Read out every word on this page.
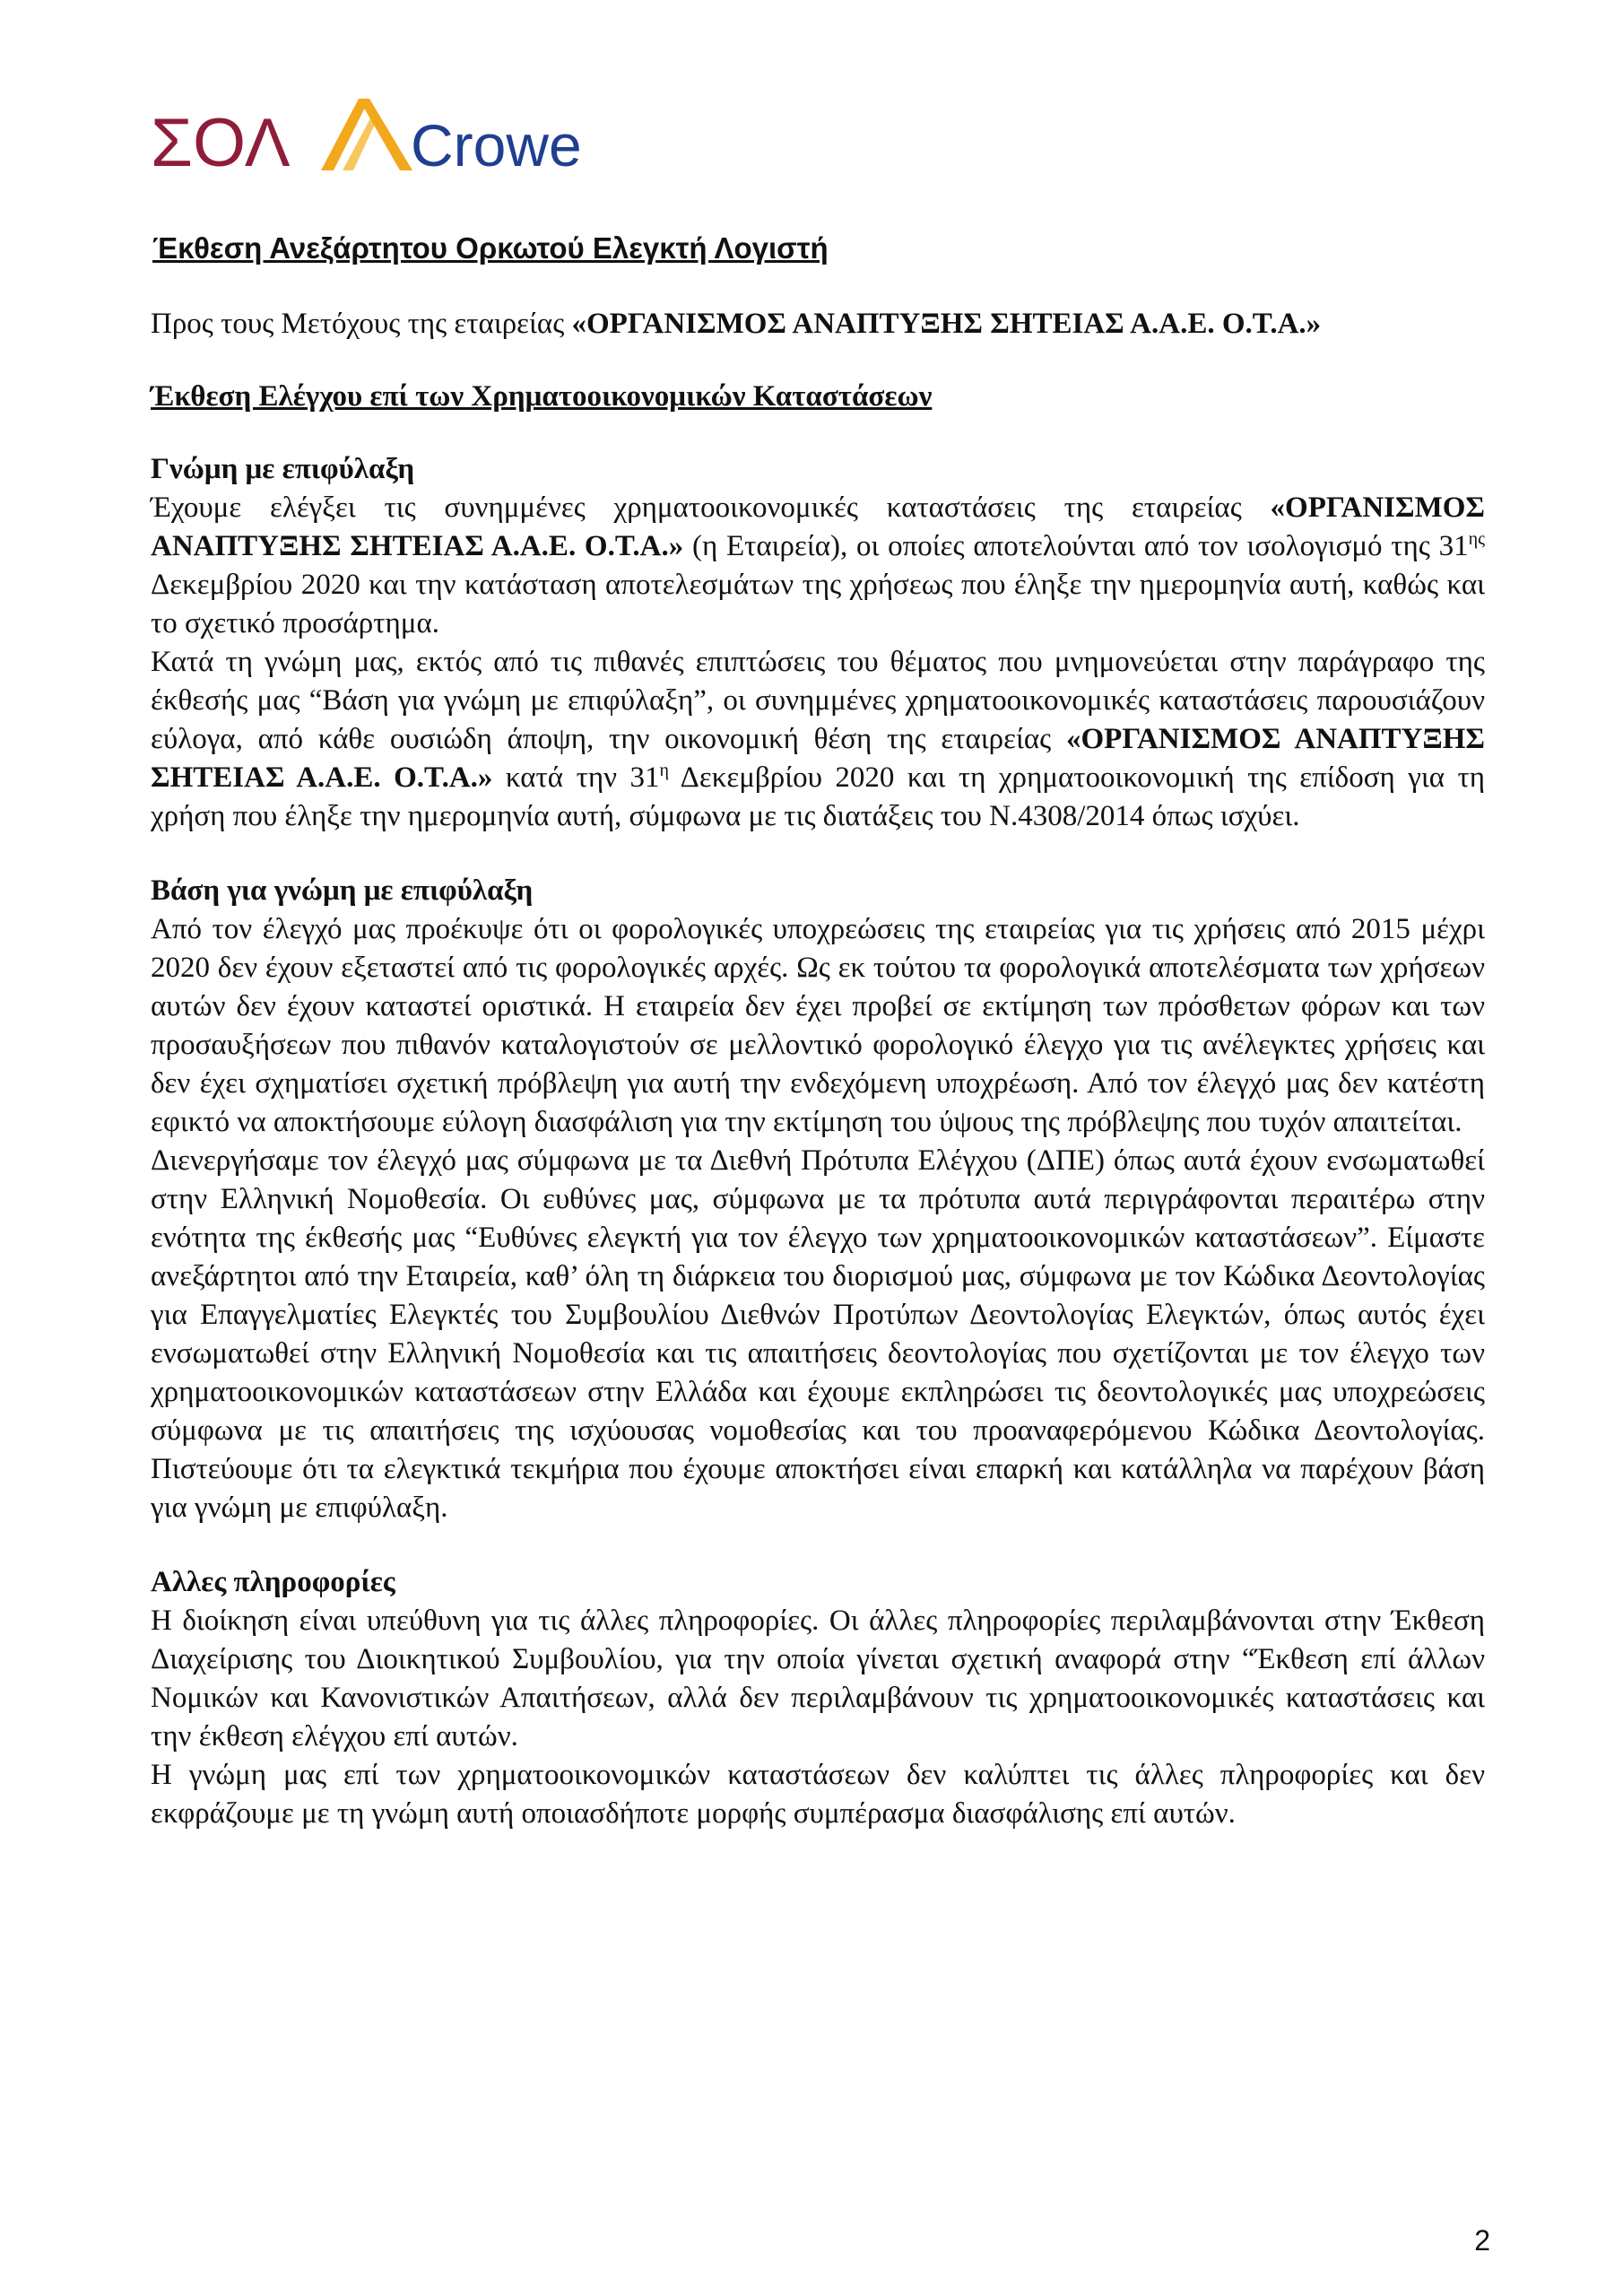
ΣΟΛ Crowe
Έκθεση Ανεξάρτητου Ορκωτού Ελεγκτή Λογιστή

Προς τους Μετόχους της εταιρείας «ΟΡΓΑΝΙΣΜΟΣ ΑΝΑΠΤΥΞΗΣ ΣΗΤΕΙΑΣ Α.Α.Ε. Ο.Τ.Α.»

Έκθεση Ελέγχου επί των Χρηματοοικονομικών Καταστάσεων

Γνώμη με επιφύλαξη

Έχουμε ελέγξει τις συνημμένες χρηματοοικονομικές καταστάσεις της εταιρείας «ΟΡΓΑΝΙΣΜΟΣ ΑΝΑΠΤΥΞΗΣ ΣΗΤΕΙΑΣ Α.Α.Ε. Ο.Τ.Α.» (η Εταιρεία), οι οποίες αποτελούνται από τον ισολογισμό της $31^{\eta\varsigma}$ Δεκεμβρίου 2020 και την κατάσταση αποτελεσμάτων της χρήσεως που έληξε την ημερομηνία αυτή, καθώς και το σχετικό προσάρτημα.

Κατά τη γνώμη μας, εκτός από τις πιθανές επιπτώσεις του θέματος που μνημονεύεται στην παράγραφο της έκθεσής μας “Βάση για γνώμη με επιφύλαξη”, οι συνημμένες χρηματοοικονομικές καταστάσεις παρουσιάζουν εύλογα, από κάθε ουσιώδη άποψη, την οικονομική θέση της εταιρείας «ΟΡΓΑΝΙΣΜΟΣ ΑΝΑΠΤΥΞΗΣ ΣΗΤΕΙΑΣ Α.Α.Ε. Ο.Τ.Α.» κατά την $31^\eta$ Δεκεμβρίου 2020 και τη χρηματοοικονομική της επίδοση για τη χρήση που έληξε την ημερομηνία αυτή, σύμφωνα με τις διατάξεις του Ν.4308/2014 όπως ισχύει.

Βάση για γνώμη με επιφύλαξη

Από τον έλεγχό μας προέκυψε ότι οι φορολογικές υποχρεώσεις της εταιρείας για τις χρήσεις από 2015 μέχρι 2020 δεν έχουν εξεταστεί από τις φορολογικές αρχές. Ως εκ τούτου τα φορολογικά αποτελέσματα των χρήσεων αυτών δεν έχουν καταστεί οριστικά. Η εταιρεία δεν έχει προβεί σε εκτίμηση των πρόσθετων φόρων και των προσαυξήσεων που πιθανόν καταλογιστούν σε μελλοντικό φορολογικό έλεγχο για τις ανέλεγκτες χρήσεις και δεν έχει σχηματίσει σχετική πρόβλεψη για αυτή την ενδεχόμενη υποχρέωση. Από τον έλεγχό μας δεν κατέστη εφικτό να αποκτήσουμε εύλογη διασφάλιση για την εκτίμηση του ύψους της πρόβλεψης που τυχόν απαιτείται.

Διενεργήσαμε τον έλεγχό μας σύμφωνα με τα Διεθνή Πρότυπα Ελέγχου (ΔΠΕ) όπως αυτά έχουν ενσωματωθεί στην Ελληνική Νομοθεσία. Οι ευθύνες μας, σύμφωνα με τα πρότυπα αυτά περιγράφονται περαιτέρω στην ενότητα της έκθεσής μας “Ευθύνες ελεγκτή για τον έλεγχο των χρηματοοικονομικών καταστάσεων”. Είμαστε ανεξάρτητοι από την Εταιρεία, καθ’ όλη τη διάρκεια του διορισμού μας, σύμφωνα με τον Κώδικα Δεοντολογίας για Επαγγελματίες Ελεγκτές του Συμβουλίου Διεθνών Προτύπων Δεοντολογίας Ελεγκτών, όπως αυτός έχει ενσωματωθεί στην Ελληνική Νομοθεσία και τις απαιτήσεις δεοντολογίας που σχετίζονται με τον έλεγχο των χρηματοοικονομικών καταστάσεων στην Ελλάδα και έχουμε εκπληρώσει τις δεοντολογικές μας υποχρεώσεις σύμφωνα με τις απαιτήσεις της ισχύουσας νομοθεσίας και του προαναφερόμενου Κώδικα Δεοντολογίας. Πιστεύουμε ότι τα ελεγκτικά τεκμήρια που έχουμε αποκτήσει είναι επαρκή και κατάλληλα να παρέχουν βάση για γνώμη με επιφύλαξη.

Αλλες πληροφορίες

Η διοίκηση είναι υπεύθυνη για τις άλλες πληροφορίες. Οι άλλες πληροφορίες περιλαμβάνονται στην Έκθεση Διαχείρισης του Διοικητικού Συμβουλίου, για την οποία γίνεται σχετική αναφορά στην “Έκθεση επί άλλων Νομικών και Κανονιστικών Απαιτήσεων, αλλά δεν περιλαμβάνουν τις χρηματοοικονομικές καταστάσεις και την έκθεση ελέγχου επί αυτών.

Η γνώμη μας επί των χρηματοοικονομικών καταστάσεων δεν καλύπτει τις άλλες πληροφορίες και δεν εκφράζουμε με τη γνώμη αυτή οποιασδήποτε μορφής συμπέρασμα διασφάλισης επί αυτών.

2
